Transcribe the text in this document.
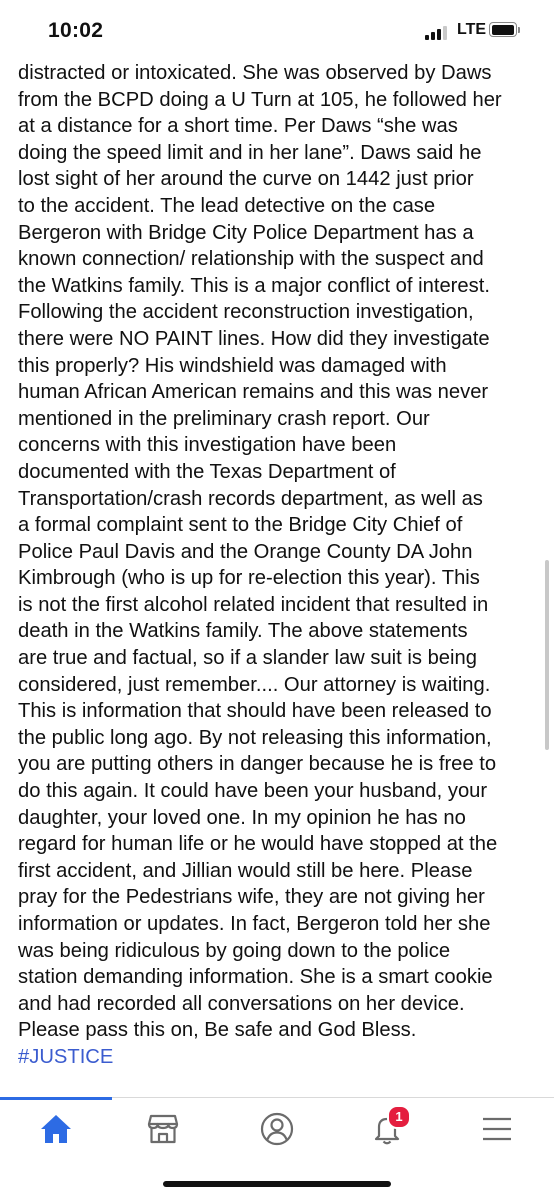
10:02	LTE
distracted or intoxicated. She was observed by Daws
from the BCPD doing a U Turn at 105, he followed her
at a distance for a short time. Per Daws “she was
doing the speed limit and in her lane”. Daws said he
lost sight of her around the curve on 1442 just prior
to the accident. The lead detective on the case
Bergeron with Bridge City Police Department has a
known connection/ relationship with the suspect and
the Watkins family. This is a major conflict of interest.
Following the accident reconstruction investigation,
there were NO PAINT lines. How did they investigate
this properly? His windshield was damaged with
human African American remains and this was never
mentioned in the preliminary crash report. Our
concerns with this investigation have been
documented with the Texas Department of
Transportation/crash records department, as well as
a formal complaint sent to the Bridge City Chief of
Police Paul Davis and the Orange County DA John
Kimbrough (who is up for re-election this year). This
is not the first alcohol related incident that resulted in
death in the Watkins family. The above statements
are true and factual, so if a slander law suit is being
considered, just remember.... Our attorney is waiting.
This is information that should have been released to
the public long ago. By not releasing this information,
you are putting others in danger because he is free to
do this again. It could have been your husband, your
daughter, your loved one. In my opinion he has no
regard for human life or he would have stopped at the
first accident, and Jillian would still be here. Please
pray for the Pedestrians wife, they are not giving her
information or updates. In fact, Bergeron told her she
was being ridiculous by going down to the police
station demanding information. She is a smart cookie
and had recorded all conversations on her device.
Please pass this on, Be safe and God Bless.
#JUSTICE
1
